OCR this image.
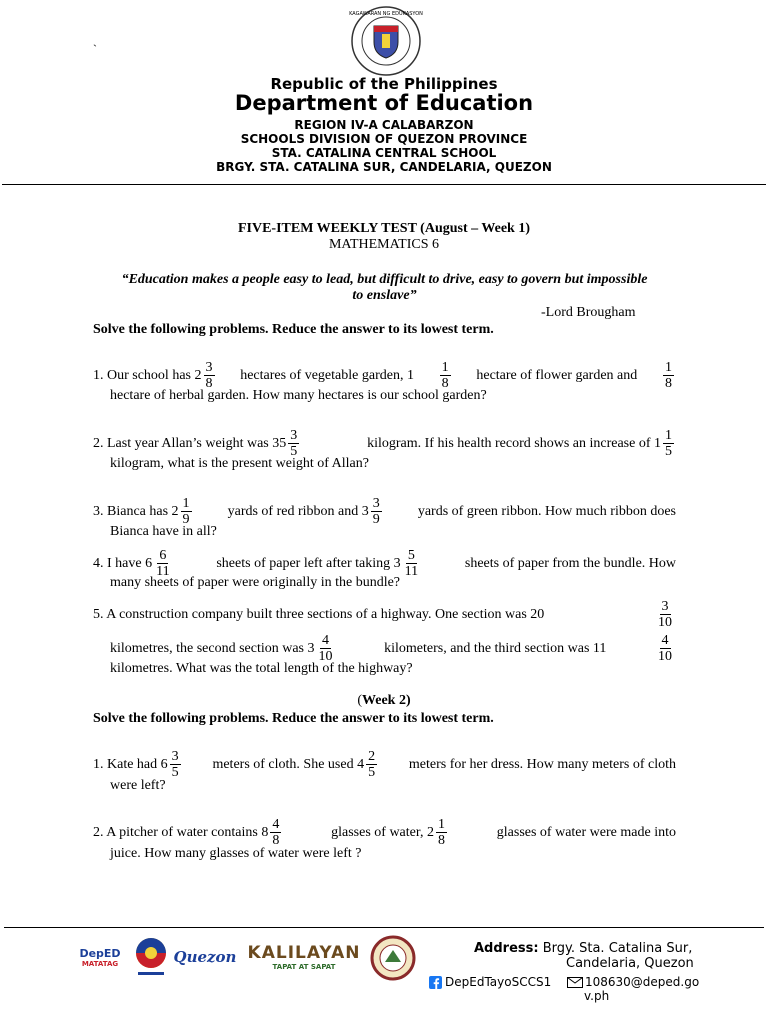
`
KAGAWARAN NG EDUKASYON
Republic of the Philippines
Department of Education
REGION IV-A CALABARZON
SCHOOLS DIVISION OF QUEZON PROVINCE
STA. CATALINA CENTRAL SCHOOL
BRGY. STA. CATALINA SUR, CANDELARIA, QUEZON
FIVE-ITEM WEEKLY TEST (August – Week 1)
MATHEMATICS 6
“Education makes a people easy to lead, but difficult to drive, easy to govern but impossible
to enslave”
-Lord Brougham
Solve the following problems. Reduce the answer to its lowest term.
1. Our school has $2 \frac{3}{8}$ hectares of vegetable garden, $1 \frac{1}{8}$ hectare of flower garden and $\frac{1}{8}$
hectare of herbal garden. How many hectares is our school garden?
2. Last year Allan’s weight was $35 \frac{3}{5}$	kilogram. If his health record shows an increase of $1 \frac{1}{5}$
kilogram, what is the present weight of Allan?
3. Bianca has $2 \frac{1}{9}$	yards of red ribbon and $3 \frac{3}{9}$	yards of green ribbon. How much ribbon does
Bianca have in all?
4. I have $6 \frac{6}{11}$	sheets of paper left after taking $3 \frac{5}{11}$	sheets of paper from the bundle. How
many sheets of paper were originally in the bundle?
5. A construction company built three sections of a highway. One section was 20	$\frac{3}{10}$
kilometres, the second section was $3 \frac{4}{10}$	kilometers, and the third section was 11	$\frac{4}{10}$
kilometres. What was the total length of the highway?
(Week 2)
Solve the following problems. Reduce the answer to its lowest term.
1. Kate had $6 \frac{3}{5}$ meters of cloth. She used $4 \frac{2}{5}$ meters for her dress. How many meters of cloth
were left?
2. A pitcher of water contains $8 \frac{4}{8}$	glasses of water, $2 \frac{1}{8}$	glasses of water were made into
juice. How many glasses of water were left ?
DepED
MATATAG	Quezon KALILAYAN
TAPAT AT SAPAT
Address: Brgy. Sta. Catalina Sur,
Candelaria, Quezon
DepEdTayoSCCS1	108630@deped.go
v.ph
